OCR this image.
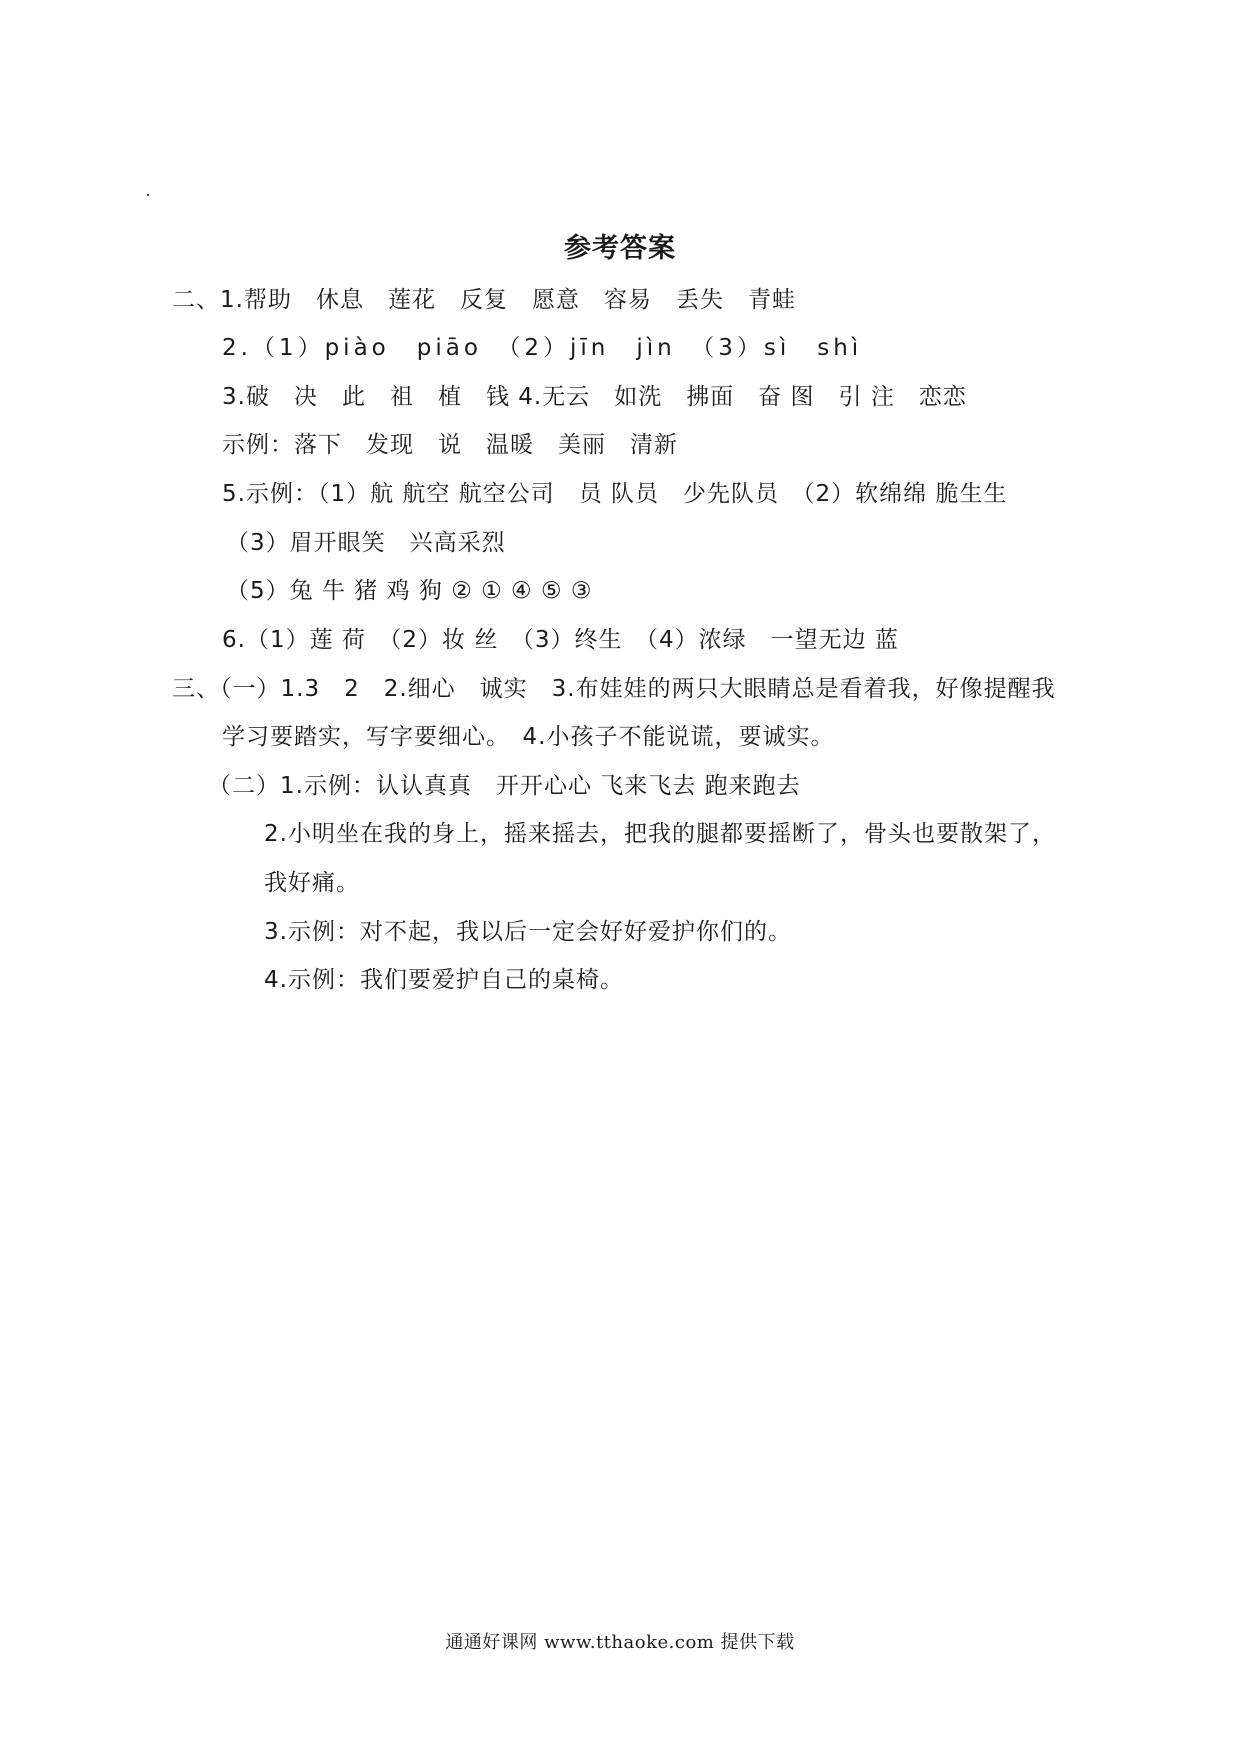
参考答案
二、1.帮助　休息　莲花　反复　愿意　容易　丢失　青蛙
2.（1）piào　piāo　（2）jīn　jìn　（3）sì　shì
3.破　决　此　祖　植　钱 4.无云　如洗　拂面　奋 图　引 注　恋恋
示例：落下　发现　说　温暖　美丽　清新
5.示例：（1）航 航空 航空公司　员 队员　少先队员　（2）软绵绵 脆生生
（3）眉开眼笑　兴高采烈
（5）兔 牛 猪 鸡 狗 ② ① ④ ⑤ ③
6.（1）莲 荷　（2）妆 丝　（3）终生　（4）浓绿　一望无边 蓝
三、（一）1.3　2　2.细心　诚实　3.布娃娃的两只大眼睛总是看着我，好像提醒我
学习要踏实，写字要细心。　4.小孩子不能说谎，要诚实。
（二）1.示例：认认真真　开开心心 飞来飞去 跑来跑去
2.小明坐在我的身上，摇来摇去，把我的腿都要摇断了，骨头也要散架了，
我好痛。
3.示例：对不起，我以后一定会好好爱护你们的。
4.示例：我们要爱护自己的桌椅。
通通好课网 www.tthaoke.com 提供下载
